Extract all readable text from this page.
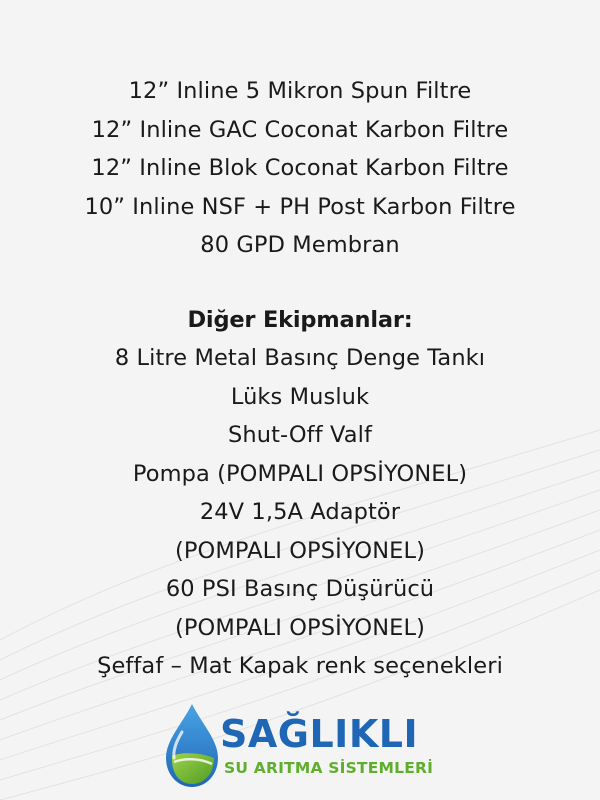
12” Inline 5 Mikron Spun Filtre
12” Inline GAC Coconat Karbon Filtre
12” Inline Blok Coconat Karbon Filtre
10” Inline NSF + PH Post Karbon Filtre
80 GPD Membran
Diğer Ekipmanlar:
8 Litre Metal Basınç Denge Tankı
Lüks Musluk
Shut-Off Valf
Pompa (POMPALI OPSİYONEL)
24V 1,5A Adaptör
(POMPALI OPSİYONEL)
60 PSI Basınç Düşürücü
(POMPALI OPSİYONEL)
Şeffaf – Mat Kapak renk seçenekleri
SAĞLIKLI
SU ARITMA SİSTEMLERİ
